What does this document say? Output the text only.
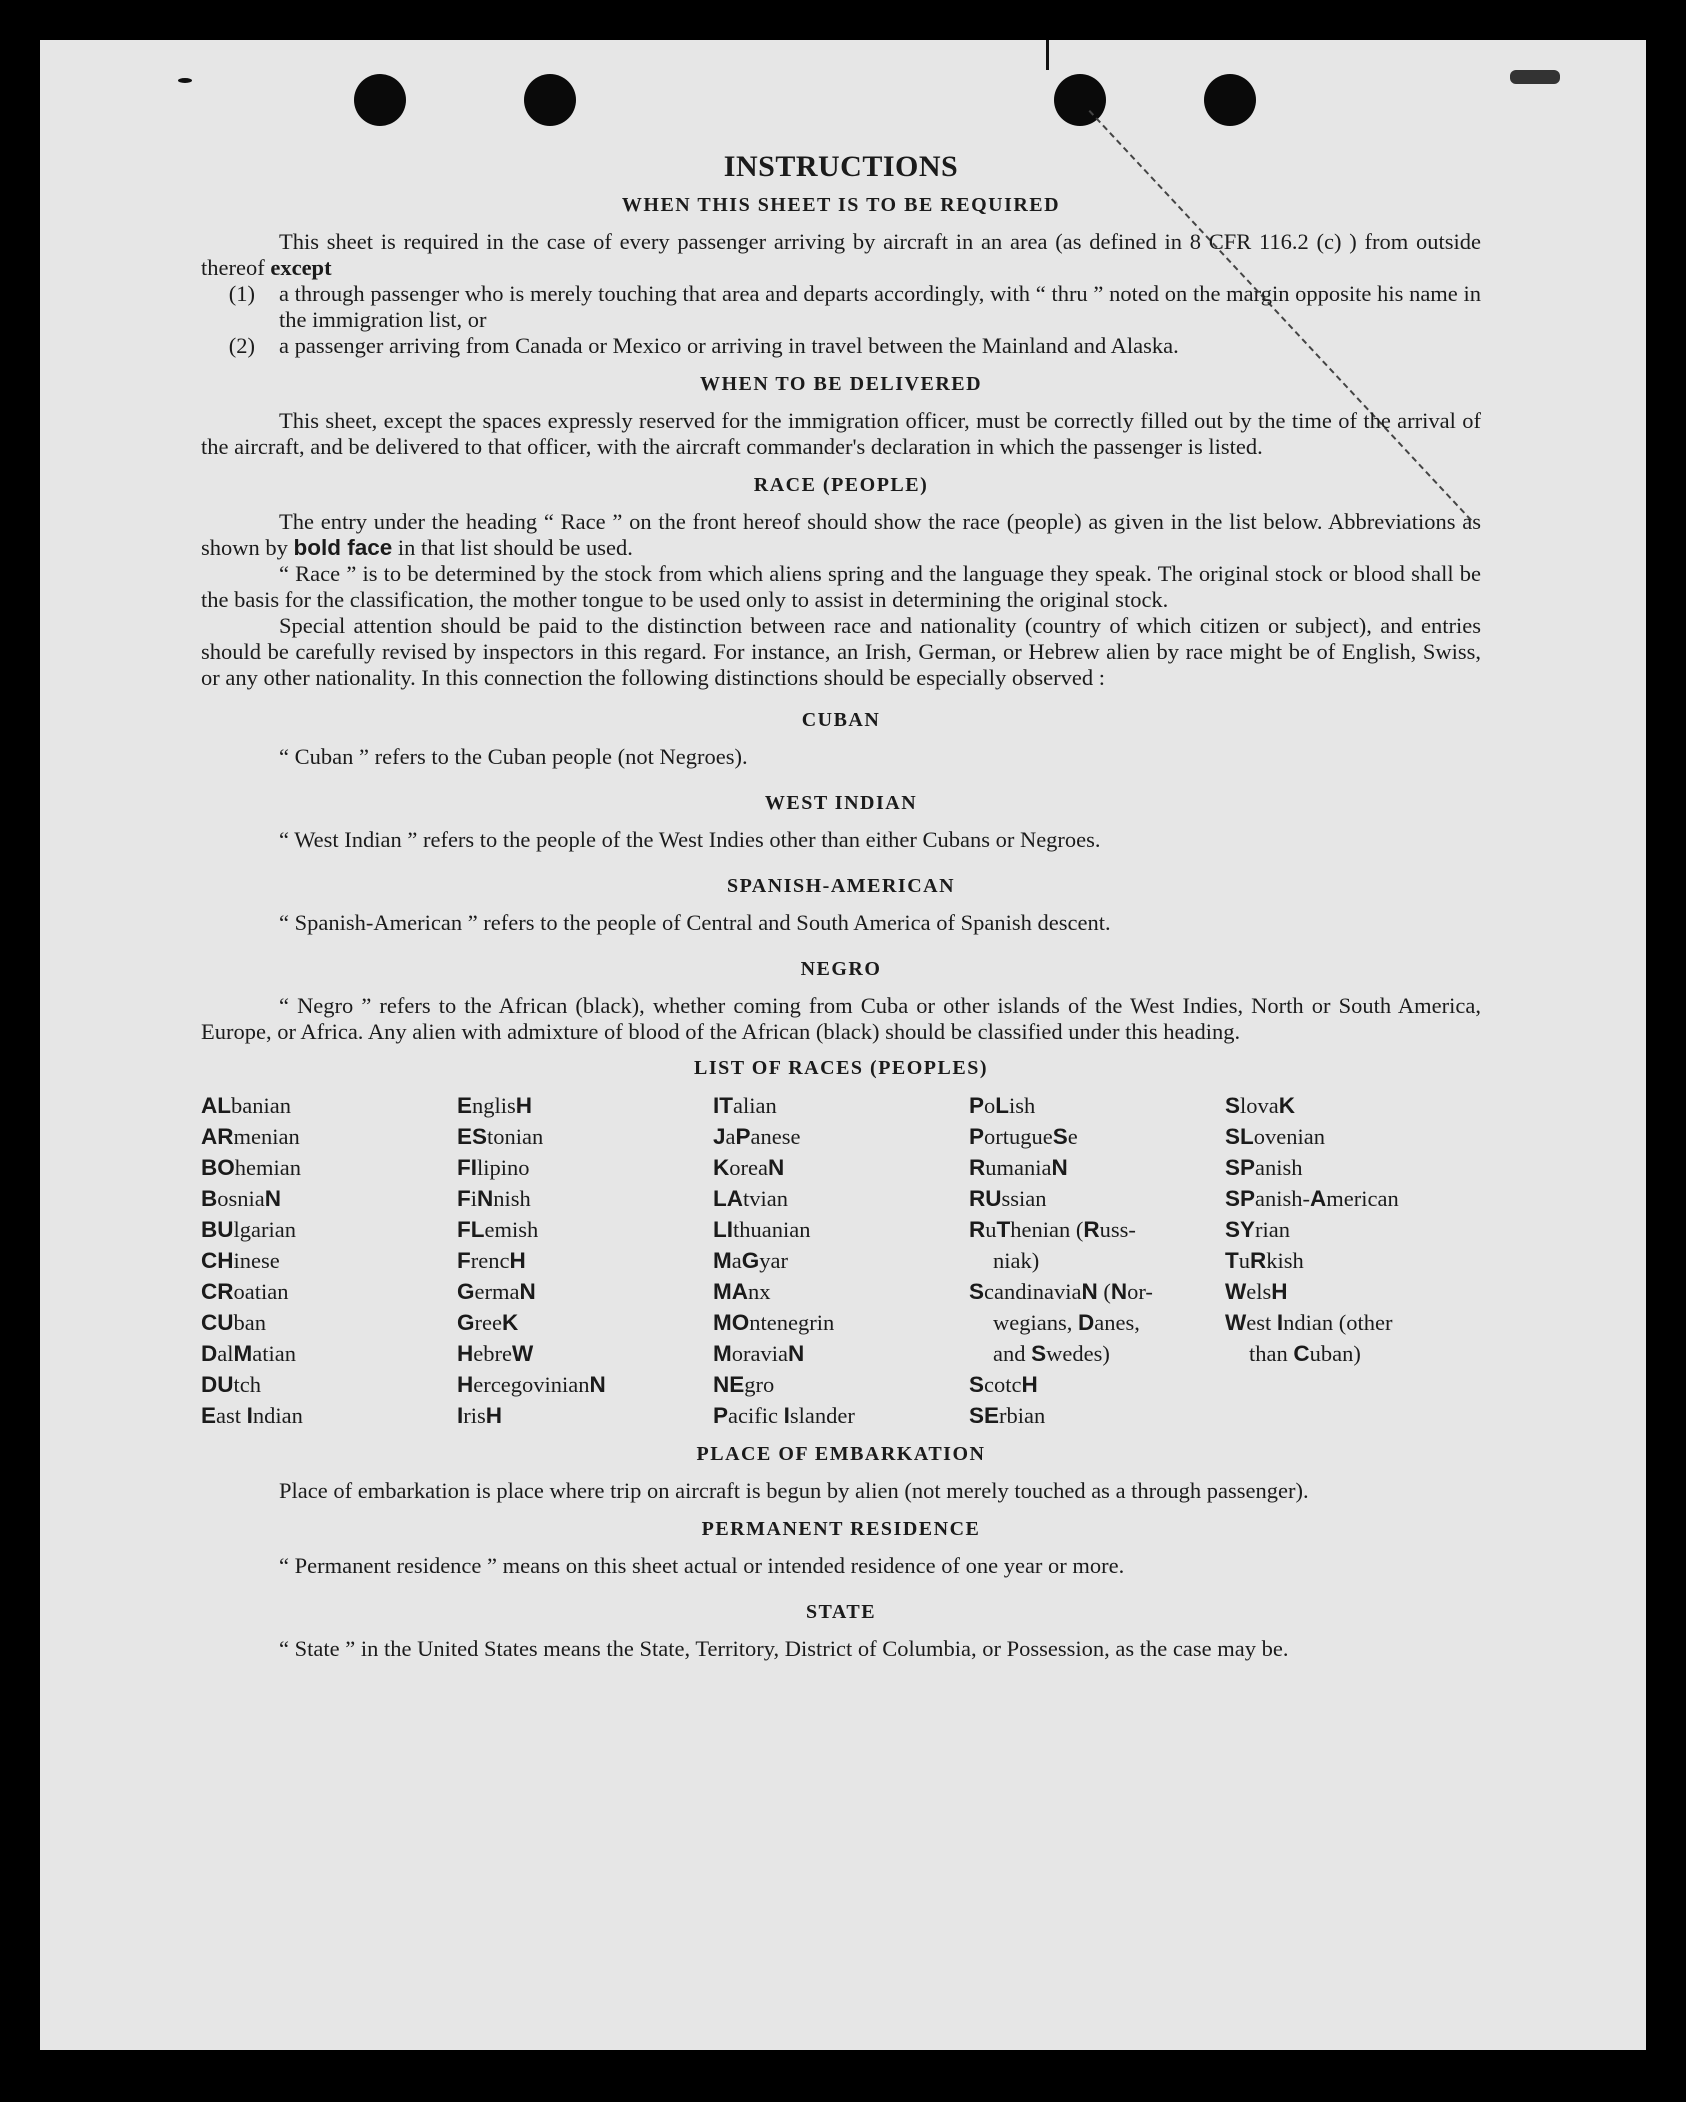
INSTRUCTIONS
WHEN THIS SHEET IS TO BE REQUIRED

This sheet is required in the case of every passenger arriving by aircraft in an area (as defined in 8 CFR 116.2 (c) ) from outside thereof except

(1)	a through passenger who is merely touching that area and departs accordingly, with “ thru ” noted on the margin opposite his name in the immigration list, or
(2)	a passenger arriving from Canada or Mexico or arriving in travel between the Mainland and Alaska.
WHEN TO BE DELIVERED

This sheet, except the spaces expressly reserved for the immigration officer, must be correctly filled out by the time of the arrival of the aircraft, and be delivered to that officer, with the aircraft commander's declaration in which the passenger is listed.

RACE (PEOPLE)

The entry under the heading “ Race ” on the front hereof should show the race (people) as given in the list below. Abbreviations as shown by bold face in that list should be used.

“ Race ” is to be determined by the stock from which aliens spring and the language they speak. The original stock or blood shall be the basis for the classification, the mother tongue to be used only to assist in determining the original stock.

Special attention should be paid to the distinction between race and nationality (country of which citizen or subject), and entries should be carefully revised by inspectors in this regard. For instance, an Irish, German, or Hebrew alien by race might be of English, Swiss, or any other nationality. In this connection the following distinctions should be especially observed :

CUBAN

“ Cuban ” refers to the Cuban people (not Negroes).

WEST INDIAN

“ West Indian ” refers to the people of the West Indies other than either Cubans or Negroes.

SPANISH-AMERICAN

“ Spanish-American ” refers to the people of Central and South America of Spanish descent.

NEGRO

“ Negro ” refers to the African (black), whether coming from Cuba or other islands of the West Indies, North or South America, Europe, or Africa. Any alien with admixture of blood of the African (black) should be classified under this heading.

LIST OF RACES (PEOPLES)
ALbanian
ARmenian
BOhemian
BosniaN
BUlgarian
CHinese
CRoatian
CUban
DalMatian
DUtch
East Indian
EnglisH
EStonian
FIlipino
FiNnish
FLemish
FrencH
GermaN
GreeK
HebreW
HercegovinianN
IrisH
ITalian
JaPanese
KoreaN
LAtvian
LIthuanian
MaGyar
MAnx
MOntenegrin
MoraviaN
NEgro
Pacific Islander
PoLish
PortugueSe
RumaniaN
RUssian
RuThenian (Russ-
niak)
ScandinaviaN (Nor-
wegians, Danes,
and Swedes)
ScotcH
SErbian
SlovaK
SLovenian
SPanish
SPanish-American
SYrian
TuRkish
WelsH
West Indian (other
than Cuban)
PLACE OF EMBARKATION

Place of embarkation is place where trip on aircraft is begun by alien (not merely touched as a through passenger).

PERMANENT RESIDENCE

“ Permanent residence ” means on this sheet actual or intended residence of one year or more.

STATE

“ State ” in the United States means the State, Territory, District of Columbia, or Possession, as the case may be.
